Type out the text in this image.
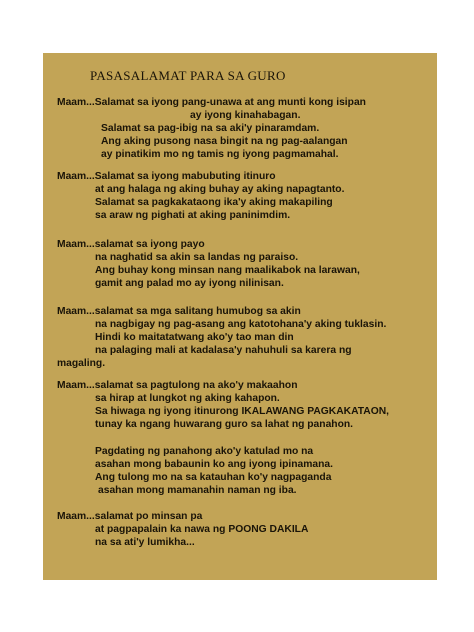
PASASALAMAT PARA SA GURO
Maam...Salamat sa iyong pang-unawa at ang munti kong isipan
ay iyong kinahabagan.
Salamat sa pag-ibig na sa aki'y pinaramdam.
Ang aking pusong nasa bingit na ng pag-aalangan
ay pinatikim mo ng tamis ng iyong pagmamahal.
Maam...Salamat sa iyong mabubuting itinuro
at ang halaga ng aking buhay ay aking napagtanto.
Salamat sa pagkakataong ika'y aking makapiling
sa araw ng pighati at aking paninimdim.
Maam...salamat sa iyong payo
na naghatid sa akin sa landas ng paraiso.
Ang buhay kong minsan nang maalikabok na larawan,
gamit ang palad mo ay iyong nilinisan.
Maam...salamat sa mga salitang humubog sa akin
na nagbigay ng pag-asang ang katotohana'y aking tuklasin.
Hindi ko maitatatwang ako'y tao man din
na palaging mali at kadalasa'y nahuhuli sa karera ng
magaling.
Maam...salamat sa pagtulong na ako'y makaahon
sa hirap at lungkot ng aking kahapon.
Sa hiwaga ng iyong itinurong IKALAWANG PAGKAKATAON,
tunay ka ngang huwarang guro sa lahat ng panahon.
Pagdating ng panahong ako'y katulad mo na
asahan mong babaunin ko ang iyong ipinamana.
Ang tulong mo na sa katauhan ko'y nagpaganda
asahan mong mamanahin naman ng iba.
Maam...salamat po minsan pa
at pagpapalain ka nawa ng POONG DAKILA
na sa ati'y lumikha...
